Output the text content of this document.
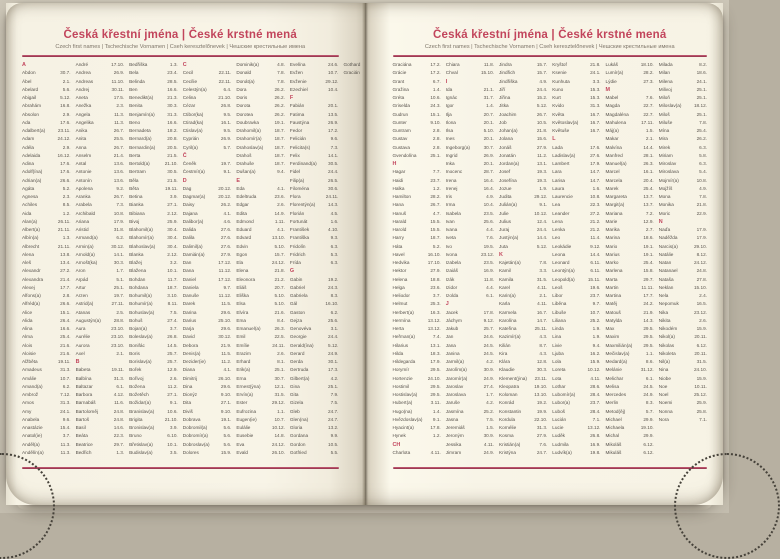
Česká křestní jména | České krstné mená
Czech first names | Tschechische Vornamen | Cseh keresztelőnevek | Чешские крестильные имена
A
Abdon	30.7.
Ábel	2.1.
Abelard	5.6.
Abigail	5.12.
Abrahám	16.8.
Absolon	2.9.
Ada	17.6.
Adalbert(a)	23.11.
Adam	24.12.
Adéla	2.9.
Adelaida	16.12.
Adina	17.6.
Adolf(ína)	17.6.
Adrian(a)	26.6.
Agáta	5.2.
Agnesa	2.3.
Achiles	8.5.
Aida	1.2.
Alan(a)	26.11.
Albert(a)	21.11.
Albín(a)	1.3.
Albrecht	21.11.
Alena	13.8.
Aleš	13.4.
Alexandr	27.2.
Alexandra	21.4.
Alexej	17.7.
Alfons(a)	2.8.
Alfréd(a)	26.6.
Alice	15.1.
Alida	26.4.
Alina	16.6.
Alma	25.4.
Alois	21.6.
Aloisie	21.6.
Alžběta	19.11.
Amadeus	31.3.
Amálie	10.7.
Amand(a)	6.2.
Ambrož	7.12.
Amos	31.3.
Amy	24.1.
Anabela	9.6.
Anastázie	15.4.
Anatol(ie)	3.7.
Anděl(a)	11.3.
Andělín(a)	11.3.
André	17.10.
Andrea	26.9.
Andreas	11.10.
Andrej	30.11.
Aneta	17.5.
Anežka	2.3.
Angela	11.3.
Angelika	11.3.
Anika	26.7.
Anita	25.5.
Anna	26.7.
Anselm	21.4.
Antal	13.6.
Antonie	13.6.
Antonín	13.6.
Apolena	9.2.
Aranka	26.7.
Arabela	7.3.
Archibald	10.8.
Ariana	17.9.
Aristid	31.8.
Armand(a)	6.2.
Armin(a)	30.12.
Arnold(a)	14.1.
Arnošt(ka)	30.3.
Aron	1.7.
Arpád	5.1.
Artur	25.1.
Arzen	19.7.
Astrid(a)	27.11.
Atanas	2.5.
Augustýn(a)	28.8.
Aura	23.10.
Aurélie	23.10.
Aurora	23.10.
Axel	2.1.
B
Babeta	19.11.
Balbína	31.3.
Baltazar	6.1.
Barbora	4.12.
Barnabáš	11.6.
Bartoloměj	24.8.
Bartoš	24.8.
Basil	14.6.
Beáta	22.3.
Beatrice	29.7.
Bedřich	1.3.
Bedřiška	1.3.
Bela	23.4.
Belinda	28.5.
Ben	16.6.
Benedikt(a)	21.3.
Benita	30.3.
Benjamín(a)	31.3.
Beno	16.6.
Bernadeta	18.2.
Bernard(a)	20.8.
Bernardin(a)	20.5.
Berta	21.5.
Bertold(a)	21.10.
Bertram	30.5.
Běla	21.5.
Běta	19.11.
Betina	3.9.
Bianka	27.1.
Bibiana	2.12.
Bivoj	25.9.
Blahomil(a)	30.4.
Blahomír(a)	30.4.
Blahoslav(a)	30.4.
Blanka	2.12.
Blažej	3.2.
Blažena	10.1.
Bohdan	11.7.
Bohdana	18.7.
Bohumil(a)	3.10.
Bohumír(a)	8.11.
Bohuslav(a)	7.5.
Bohuš	27.4.
Bojan(a)	3.7.
Boleslav(a)	26.8.
Bonifác	14.5.
Boris	25.7.
Borislav(a)	25.7.
Bořek	12.9.
Bořivoj	2.6.
Božena	11.2.
Božetěch	27.1.
Božidar(a)	9.1.
Branislav(a)	10.6.
Brigita	21.10.
Bronislav(a)	3.9.
Bruno	6.10.
Břetislav(a)	10.1.
Budislav(a)	3.5.
C
Cecil	22.11.
Cecílie	22.11.
Celestýn(a)	6.4.
Celina	21.10.
Cézar	26.8.
Ctibor(ka)	9.5.
Ctirad(ka)	16.1.
Ctislav(a)	9.5.
Cyprián	26.9.
Cyril(a)	5.7.
Č
Čeněk	19.7.
Čestmír(a)	9.1.
D
Dag	20.12.
Dagmar(a)	20.12.
Daisy	26.2.
Dajana	4.1.
Dalibor(a)	4.6.
Dalida	27.6.
Dalila	27.6.
Dalimil(a)	27.6.
Damián(a)	27.9.
Dan	17.12.
Dana	11.12.
Daniel	17.12.
Daniela	9.7.
Danuše	11.12.
Darek	11.5.
Darina	29.6.
Darius	25.10.
Darja	29.6.
David	30.12.
Debora	21.9.
Denis(a)	11.5.
Dezider(ie)	11.2.
Diana	4.1.
Dimitrij	26.10.
Dina	29.6.
Dionýz	9.10.
Dita	27.1.
Diviš	9.10.
Dobrava	19.1.
Dobromil(a)	5.6.
Dobromír(a)	5.6.
Dobroslav(a)	5.6.
Dolores	15.9.
Dominik(a)	4.8.
Donald	7.8.
Donát(a)	7.8.
Dora	26.2.
Doris	26.2.
Dorota	26.2.
Dorotea	26.2.
Doubravka	19.1.
Drahomil(a)	18.7.
Drahomír(a)	18.7.
Drahoslav(a) 18.7.
Drahoš	18.7.
Drahuše	18.7.
Dušan(a)	9.4.
E
Eda	4.1.
Edeltruda	23.6.
Edgar	2.6.
Edita	14.9.
Edmond	1.11.
Eduard	4.1.
Edvard	13.10.
Edvin	5.10.
Egon	15.7.
Ela	24.12.
Elena	21.8.
Eleonora	21.2.
Eliáš	20.7.
Eliška	5.10.
Elsa	5.10.
Elvíra	21.6.
Ema	8.4.
Emanuel(a)	26.3.
Emil	22.5.
Emílie	24.11.
Erazim	2.6.
Erhard	8.1.
Erik(a)	25.1.
Erna	30.7.
Ernest(ýna)	12.1.
Ervín(a)	31.5.
Ester	29.12.
Eufrozina	1.1.
Eugen(ie)	10.7.
Eulálie	10.12.
Eusebie	14.8.
Eva	24.12.
Evald	26.10.
Evelína	24.6.
Evžen	10.7.
Evženie	29.12.
Ezechiel	10.4.
F
Fabián	20.1.
Fatima	13.5.
Faustýna	26.9.
Fedor	17.2.
Felicián	9.6.
Felicita(s)	7.3.
Felix	14.1.
Ferdinand(a) 30.5.
Fidel	24.4.
Filip(a)	26.5.
Filoména	30.6.
Flora	24.11.
Florentýn(a)	14.3.
Florián	4.5.
Fortunát	1.6.
František	4.10.
Františka	9.3.
Fridolín	6.3.
Fridrich	5.3.
Frída	6.3.
G
Gabin	19.2.
Gabriel	24.3.
Gabriela	8.3.
Gál	16.10.
Gaston	6.2.
Gejza	25.6.
Genovéva	3.1.
Georgie	24.4.
Gerald(ína)	5.12.
Gerard	24.9.
Gerda	30.1.
Gertruda	17.3.
Gilbert(a)	4.2.
Gina	25.1.
Gita	7.9.
Gizela	7.5.
Gleb	24.7.
Glen(na)	24.7.
Gloria	13.2.
Gordana	9.9.
Gordon	10.5.
Gotfried	5.5.
Gothard
Gracián
Česká křestní jména | České krstné mená
Czech first names | Tschechische Vornamen | Cseh keresztelőnevek | Чешские крестильные имена
Graciána	17.2.
Grácie	17.2.
Grant	6.7.
Gražina	1.4.
Gréta	10.6.
Griselda	24.3.
Gudrun	15.1.
Gunter	9.10.
Guntram	2.8.
Gustav	2.8.
Gustava	2.8.
Gvendolína	25.1.
H
Hagar	7.7.
Haidi	23.7.
Halka	1.2.
Hamilton	28.2.
Hana	26.7.
Hanuš	4.7.
Harald	15.5.
Harold	15.5.
Harry	18.7.
Háta	5.2.
Havel	16.10.
Hedvika	17.10.
Hektor	27.9.
Helena	18.8.
Helga	23.6.
Heliodor	3.7.
Helmut	25.3.
Herbert(a)	16.3.
Hermína	13.12.
Herta	13.12.
Heřman(a)	7.4.
Hilarius	13.1.
Hilda	18.3.
Hildegarda	17.9.
Horymír	29.5.
Hortenzie	24.10.
Hostimil	29.5.
Hostislav(a)	29.5.
Hubert(a)	3.11.
Hugo(na)	1.4.
Hvězdoslav(a) 9.1.
Hyacint(a)	17.8.
Hynek	1.2.
CH
Charlota	4.11.
Chiara	11.8.
Chval	15.10.
I
Ida	21.1.
Ignác	31.7.
Igor	1.4.
Ilja	20.7.
Ilona	20.1.
Ilsa	5.10.
Ines	20.1.
Ingeborg(a)	30.7.
Ingrid	26.9.
Inka	20.1.
Inocenc	28.7.
Irena	16.4.
Irenej	16.4.
Iris	4.9.
Irma	10.4.
Isabela	23.5.
Ivan	25.6.
Ivana	4.4.
Iveta	7.6.
Ivo	19.5.
Ivona	23.12.
Izabela	23.5.
Izaiáš	16.9.
Izák	11.8.
Izidor	4.4.
Izolda	6.1.
J
Jacek	17.8.
Jáchym	9.12.
Jakub	25.7.
Jan	24.6.
Jana	24.5.
Janina	24.5.
Jarmil(a)	4.2.
Jarolím(a)	30.9.
Jaromír(a)	24.9.
Jaroslav	27.4.
Jaroslava	1.7.
Jaruše	4.2.
Jasmína	25.2.
Jasna	7.5.
Jeremiáš	1.5.
Jeroným	30.9.
Jessika	4.11.
Jimram	24.9.
Jindra	15.7.
Jindřich	15.7.
Jindřiška	4.9.
Jiří	24.4.
Jiřina	15.2.
Jitka	5.12.
Joachim	26.7.
Job	10.5.
Johan(a)	21.8.
Jolana	15.6.
Jonáš	27.9.
Jonatán	11.2.
Jordan(a)	13.1.
Josef	19.3.
Josefína	19.3.
Jozue	1.9.
Judita	29.12.
Julián(a)	9.1.
Julie	10.12.
Julius	12.4.
Juraj	24.4.
Justýn(a)	14.4.
Juta	5.12.
K
Kajetán(a)	7.8.
Kamil	3.3.
Kamila	31.5.
Karel	4.11.
Karin(a)	2.1.
Karla	4.11.
Karmela	16.7.
Karolína	14.7.
Kateřina	25.11.
Kazimír(a)	4.3.
Kilián	8.7.
Kira	4.3.
Klára	12.8.
Klaudie	30.3.
Klement(ýna) 23.11.
Kleopatra	19.10.
Koloman	13.10.
Konrád	19.2.
Konstantin	19.9.
Kordula	22.10.
Kornélie	31.3.
Kosma	27.9.
Kristián(a)	7.6.
Kristýna	24.7.
Kryštof	21.8.
Ksenie	24.1.
Kunhuta	3.3.
Kuno	15.3.
Kurt	15.3.
Kvido	31.3.
Květa	16.7.
Květoslav(a)	16.7.
Květuše	16.7.
L
Lada	17.6.
Ladislav(a)	27.6.
Lambert	17.9.
Lara	14.7.
Larisa	14.7.
Laura	1.6.
Laurencie	10.8.
Lea	22.3.
Leander	27.2.
Lena	21.2.
Lenka	21.2.
Leo	11.4.
Leokádie	9.12.
Leona	14.4.
Leonard	6.11.
Leontýn(a)	6.11.
Leopold(a)	15.11.
Leoš	19.6.
Libor	23.7.
Liběna	9.7.
Libuše	10.7.
Liliana	25.2.
Linda	1.9.
Lina	1.9.
Livie	9.4.
Ljuba	16.2.
Lola	15.9.
Loreta	10.12.
Lota	4.11.
Lothar	28.6.
Lubomír(a)	28.4.
Lubor(a)	23.7.
Luboš	28.4.
Lucián	7.1.
Lucie	13.12.
Luděk	26.8.
Ludmila	16.9.
Ludvík(a)	19.8.
Lukáš	18.10.
Lumír(a)	28.2.
Lýdie	27.3.
M
Mabel	7.6.
Magda	22.7.
Magdaléna	22.7.
Mahulena	17.11.
Máj(a)	1.5.
Makar	2.1.
Malvína	14.4.
Manfred	28.1.
Manuel(a)	26.3.
Marcel	16.1.
Marcela	20.4.
Marek	25.4.
Margareta	13.7.
Margit(a)	13.7.
Mariana	7.2.
Marie	12.9.
Marika	2.7.
Marina	18.6.
Mario	19.1.
Marius	19.1.
Marko	25.4.
Marlena	15.8.
Marta	29.7.
Martin	11.11.
Martina	17.7.
Matěj	24.2.
Matouš	21.9.
Matylda	14.3.
Max	29.5.
Maxim	29.5.
Maxmilián(a) 29.5.
Mečislav(a)	1.1.
Medard(a)	8.6.
Melánie	31.12.
Melichar	6.1.
Melisa	24.5.
Mercedes	24.9.
Merlin	8.3.
Metod(ěj)	5.7.
Michael	29.9.
Michaela	19.10.
Michal	29.9.
Mikoláš	6.12.
Mikuláš	6.12.
Milada	8.2.
Milan	18.6.
Milena	24.1.
Milivoj	25.1.
Miloň	25.1.
Miloslav(a)	18.12.
Miloš	25.1.
Miluše	7.8.
Mína	25.4.
Mira	26.2.
Mirek	6.3.
Miriam	5.8.
Miroslav	6.3.
Miroslava	5.4.
Mojmír(a)	10.8.
Mojžíš	4.9.
Mona	7.8.
Monika	21.8.
Moric	22.9.
N
Naďa	17.9.
Naděžda	17.9.
Narcis(a)	29.10.
Natálie	8.12.
Natan	24.12.
Natanael	24.8.
Nataša	27.8.
Neklan	15.10.
Nela	2.4.
Nepomuk	16.5.
Nika	23.12.
Nikita	2.6.
Nikodém	15.9.
Nikol(a)	20.11.
Nikolas	6.12.
Nikoleta	20.11.
Nil(a)	31.5.
Nina	24.10.
Niobe	15.9.
Noe	10.11.
Noel	25.12.
Noemi	25.9.
Nonna	25.8.
Nora	7.1.
